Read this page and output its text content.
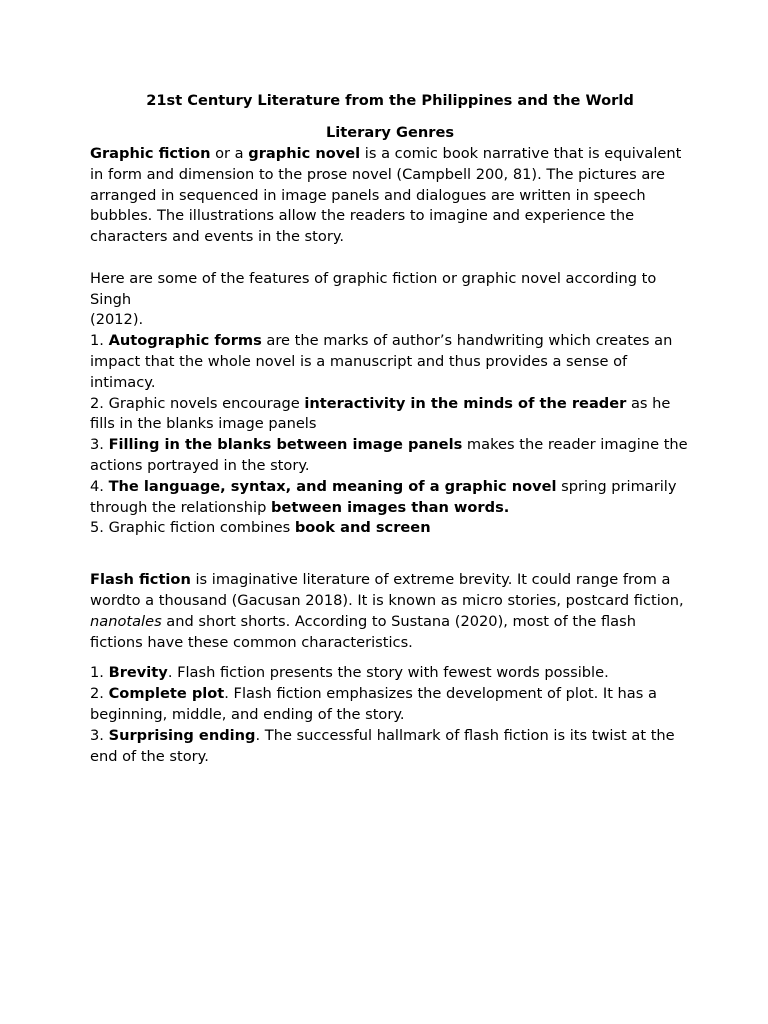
21st Century Literature from the Philippines and the World
Literary Genres

Graphic fiction or a graphic novel is a comic book narrative that is equivalent in form and dimension to the prose novel (Campbell 200, 81). The pictures are arranged in sequenced in image panels and dialogues are written in speech bubbles. The illustrations allow the readers to imagine and experience the characters and events in the story.

Here are some of the features of graphic fiction or graphic novel according to Singh

(2012).

1. Autographic forms are the marks of author’s handwriting which creates an impact that the whole novel is a manuscript and thus provides a sense of intimacy.

2. Graphic novels encourage interactivity in the minds of the reader as he fills in the blanks image panels

3. Filling in the blanks between image panels makes the reader imagine the actions portrayed in the story.

4. The language, syntax, and meaning of a graphic novel spring primarily through the relationship between images than words.

5. Graphic fiction combines book and screen

Flash fiction is imaginative literature of extreme brevity. It could range from a wordto a thousand (Gacusan 2018). It is known as micro stories, postcard fiction, nanotales and short shorts. According to Sustana (2020), most of the flash fictions have these common characteristics.

1. Brevity. Flash fiction presents the story with fewest words possible.

2. Complete plot. Flash fiction emphasizes the development of plot. It has a beginning, middle, and ending of the story.

3. Surprising ending. The successful hallmark of flash fiction is its twist at the end of the story.
